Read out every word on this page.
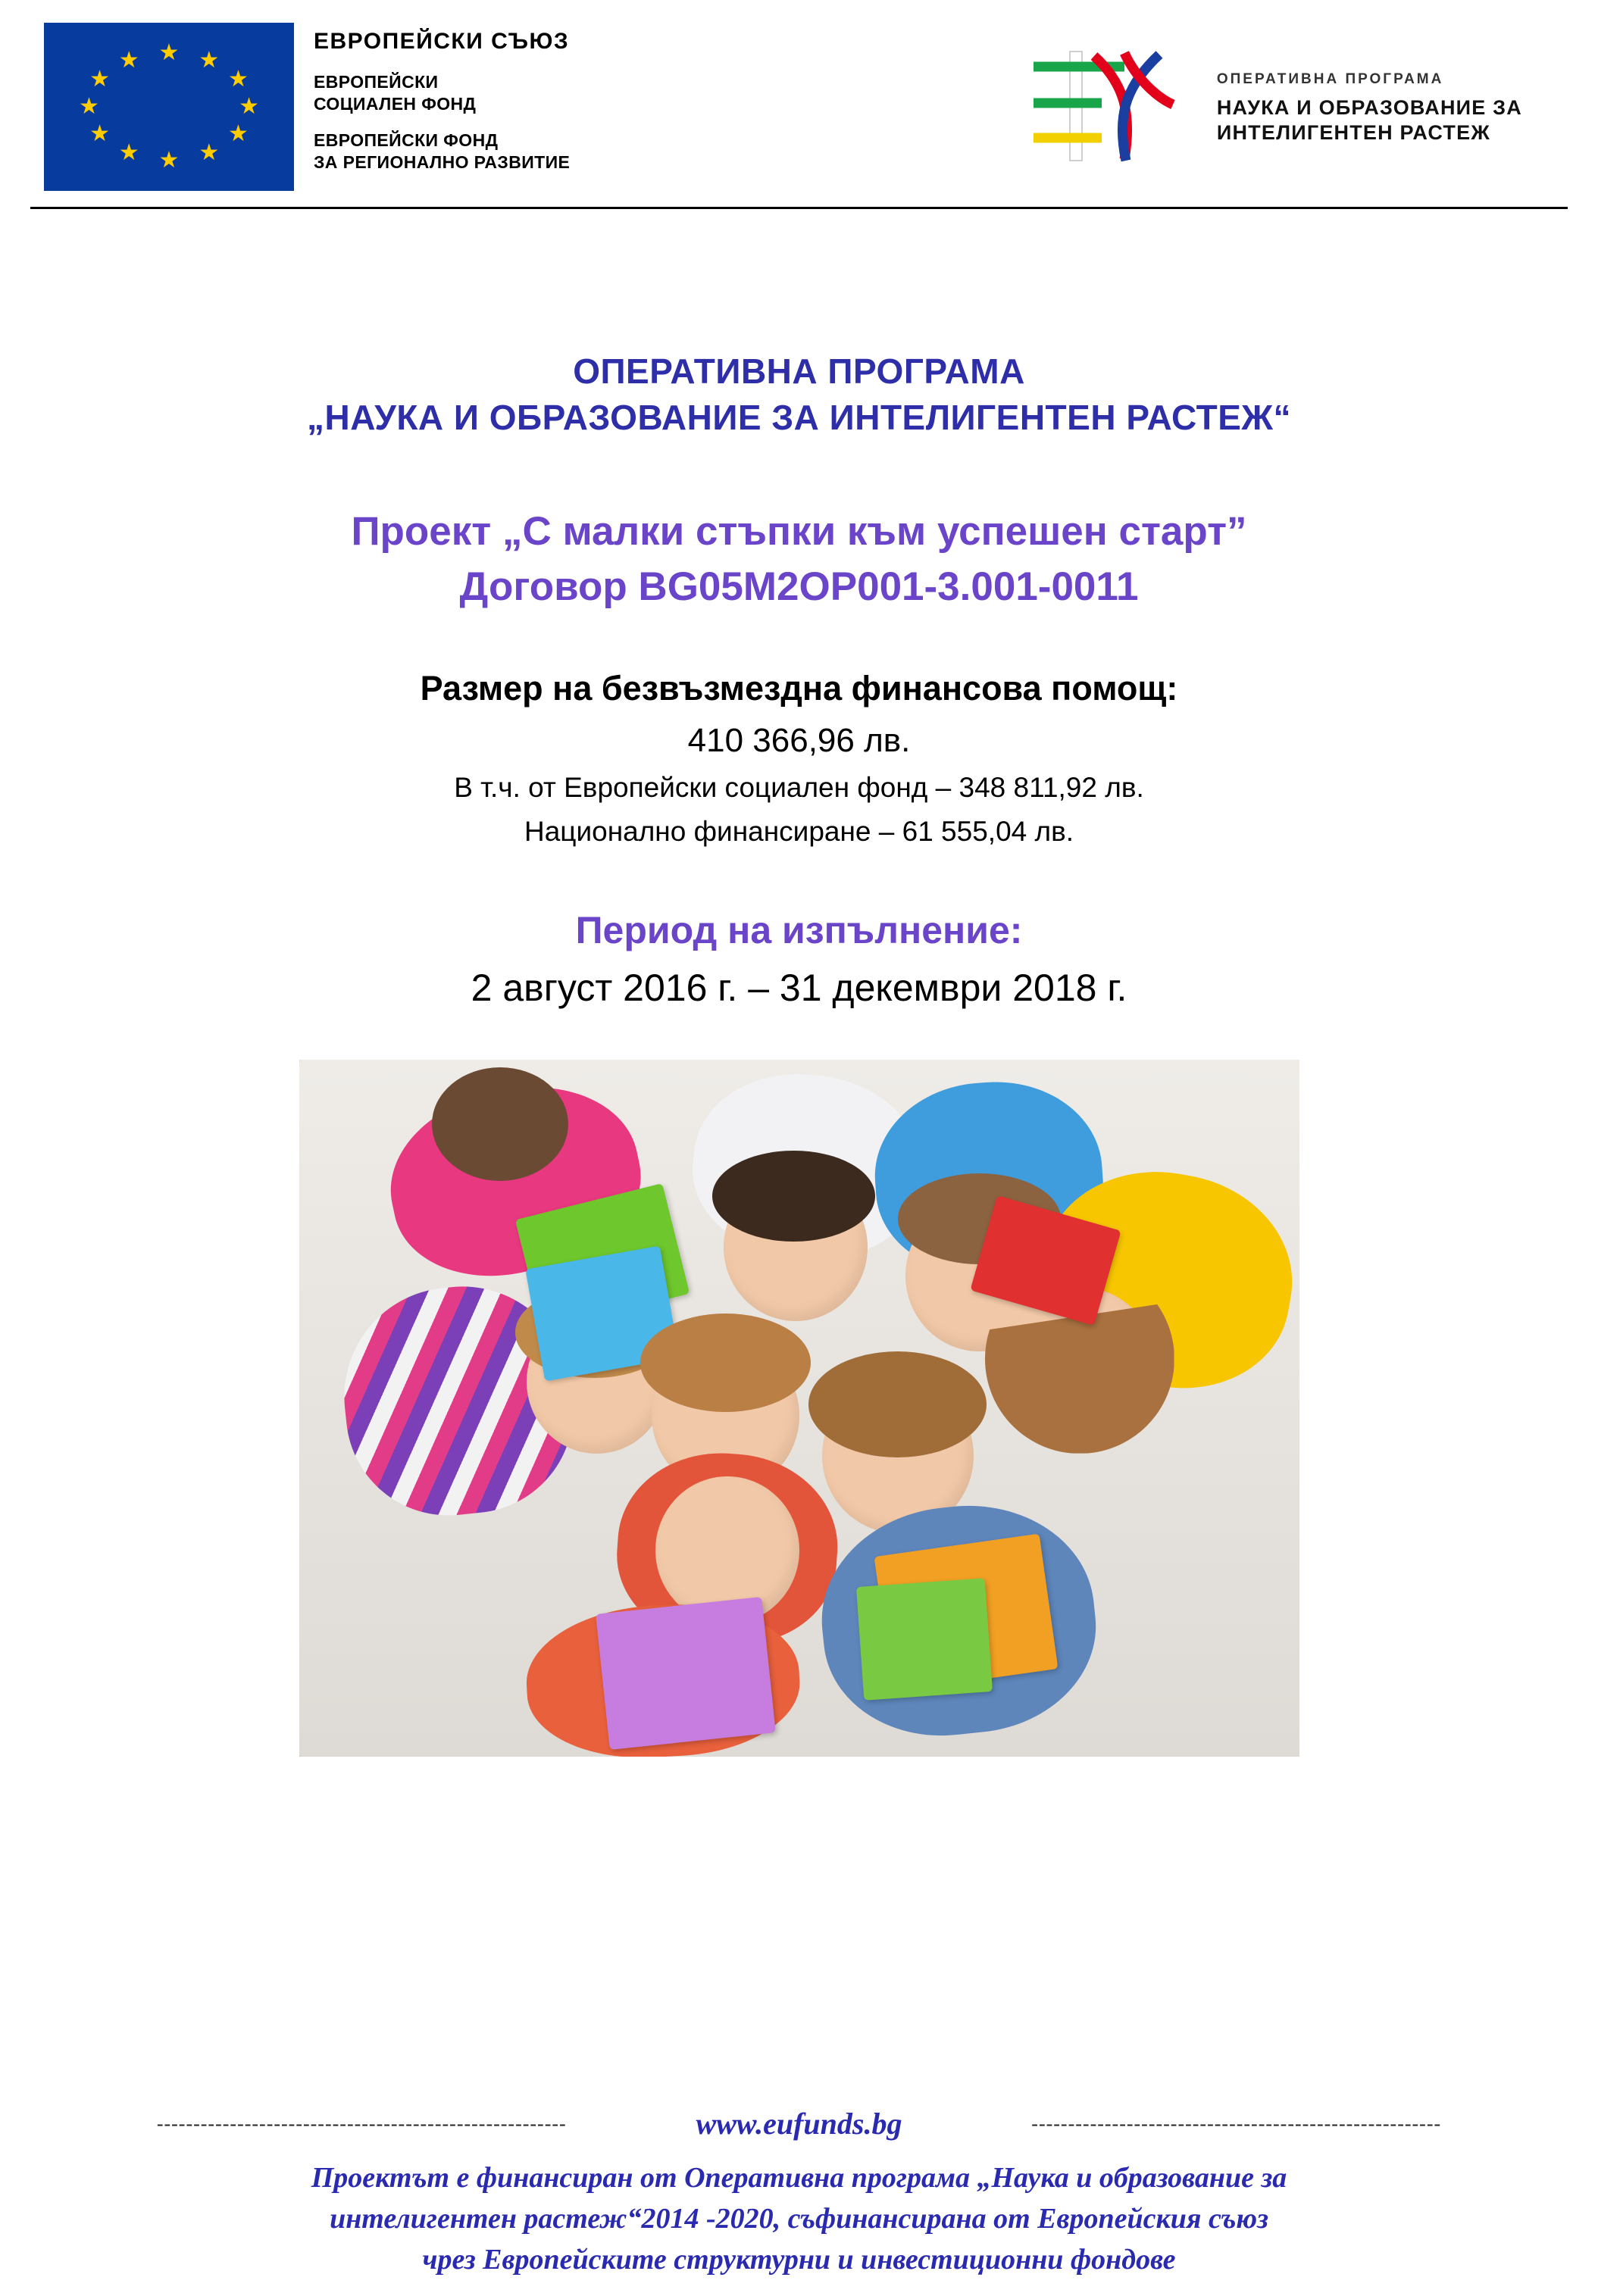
★ ★
★
★
★
★
★
★
★
★
★
★
ЕВРОПЕЙСКИ СЪЮЗ
ЕВРОПЕЙСКИ
СОЦИАЛЕН ФОНД
ЕВРОПЕЙСКИ ФОНД
ЗА РЕГИОНАЛНО РАЗВИТИЕ
ОПЕРАТИВНА ПРОГРАМА
НАУКА И ОБРАЗОВАНИЕ ЗА
ИНТЕЛИГЕНТЕН РАСТЕЖ
ОПЕРАТИВНА ПРОГРАМА
„НАУКА И ОБРАЗОВАНИЕ ЗА ИНТЕЛИГЕНТЕН РАСТЕЖ“
Проект „С малки стъпки към успешен старт”
Договор BG05M2OP001-3.001-0011
Размер на безвъзмездна финансова помощ:
410 366,96 лв.
В т.ч. от Европейски социален фонд – 348 811,92 лв.
Национално финансиране – 61 555,04 лв.
Период на изпълнение:
2 август 2016 г. – 31 декември 2018 г.
--------------------------------------------------------	www.eufunds.bg	--------------------------------------------------------
Проектът е финансиран от Оперативна програма „Наука и образование за
интелигентен растеж“2014 -2020, съфинансирана от Европейския съюз
чрез Европейските структурни и инвестиционни фондове
